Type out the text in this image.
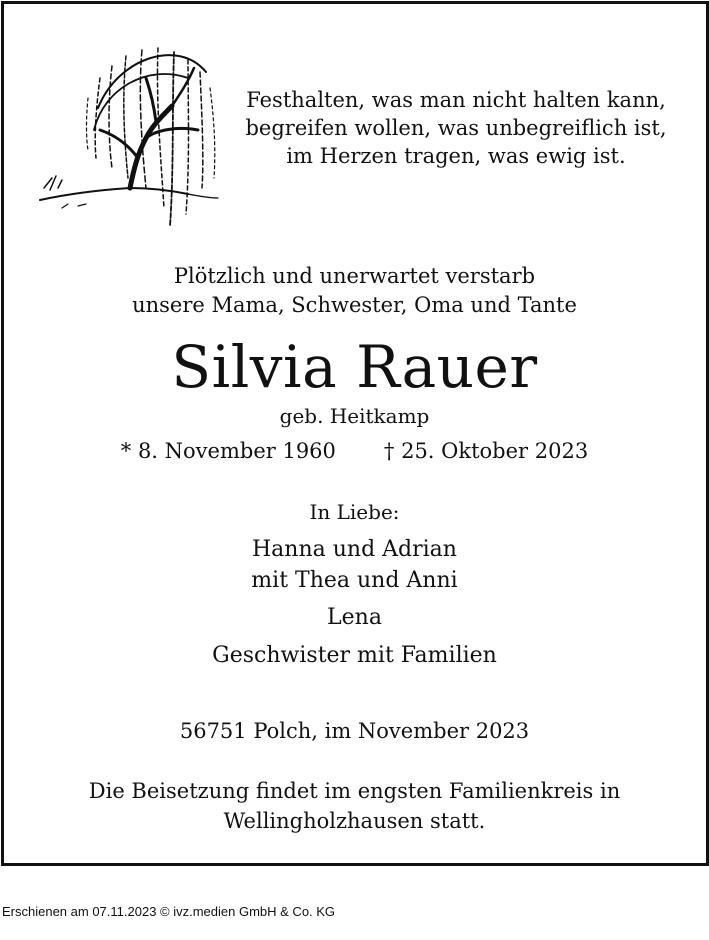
Festhalten, was man nicht halten kann,
begreifen wollen, was unbegreiflich ist,
im Herzen tragen, was ewig ist.
Plötzlich und unerwartet verstarb
unsere Mama, Schwester, Oma und Tante
Silvia Rauer
geb. Heitkamp
* 8. November 1960 † 25. Oktober 2023
In Liebe:
Hanna und Adrian
mit Thea und Anni
Lena
Geschwister mit Familien
56751 Polch, im November 2023
Die Beisetzung findet im engsten Familienkreis in
Wellingholzhausen statt.
Erschienen am 07.11.2023 © ivz.medien GmbH & Co. KG
